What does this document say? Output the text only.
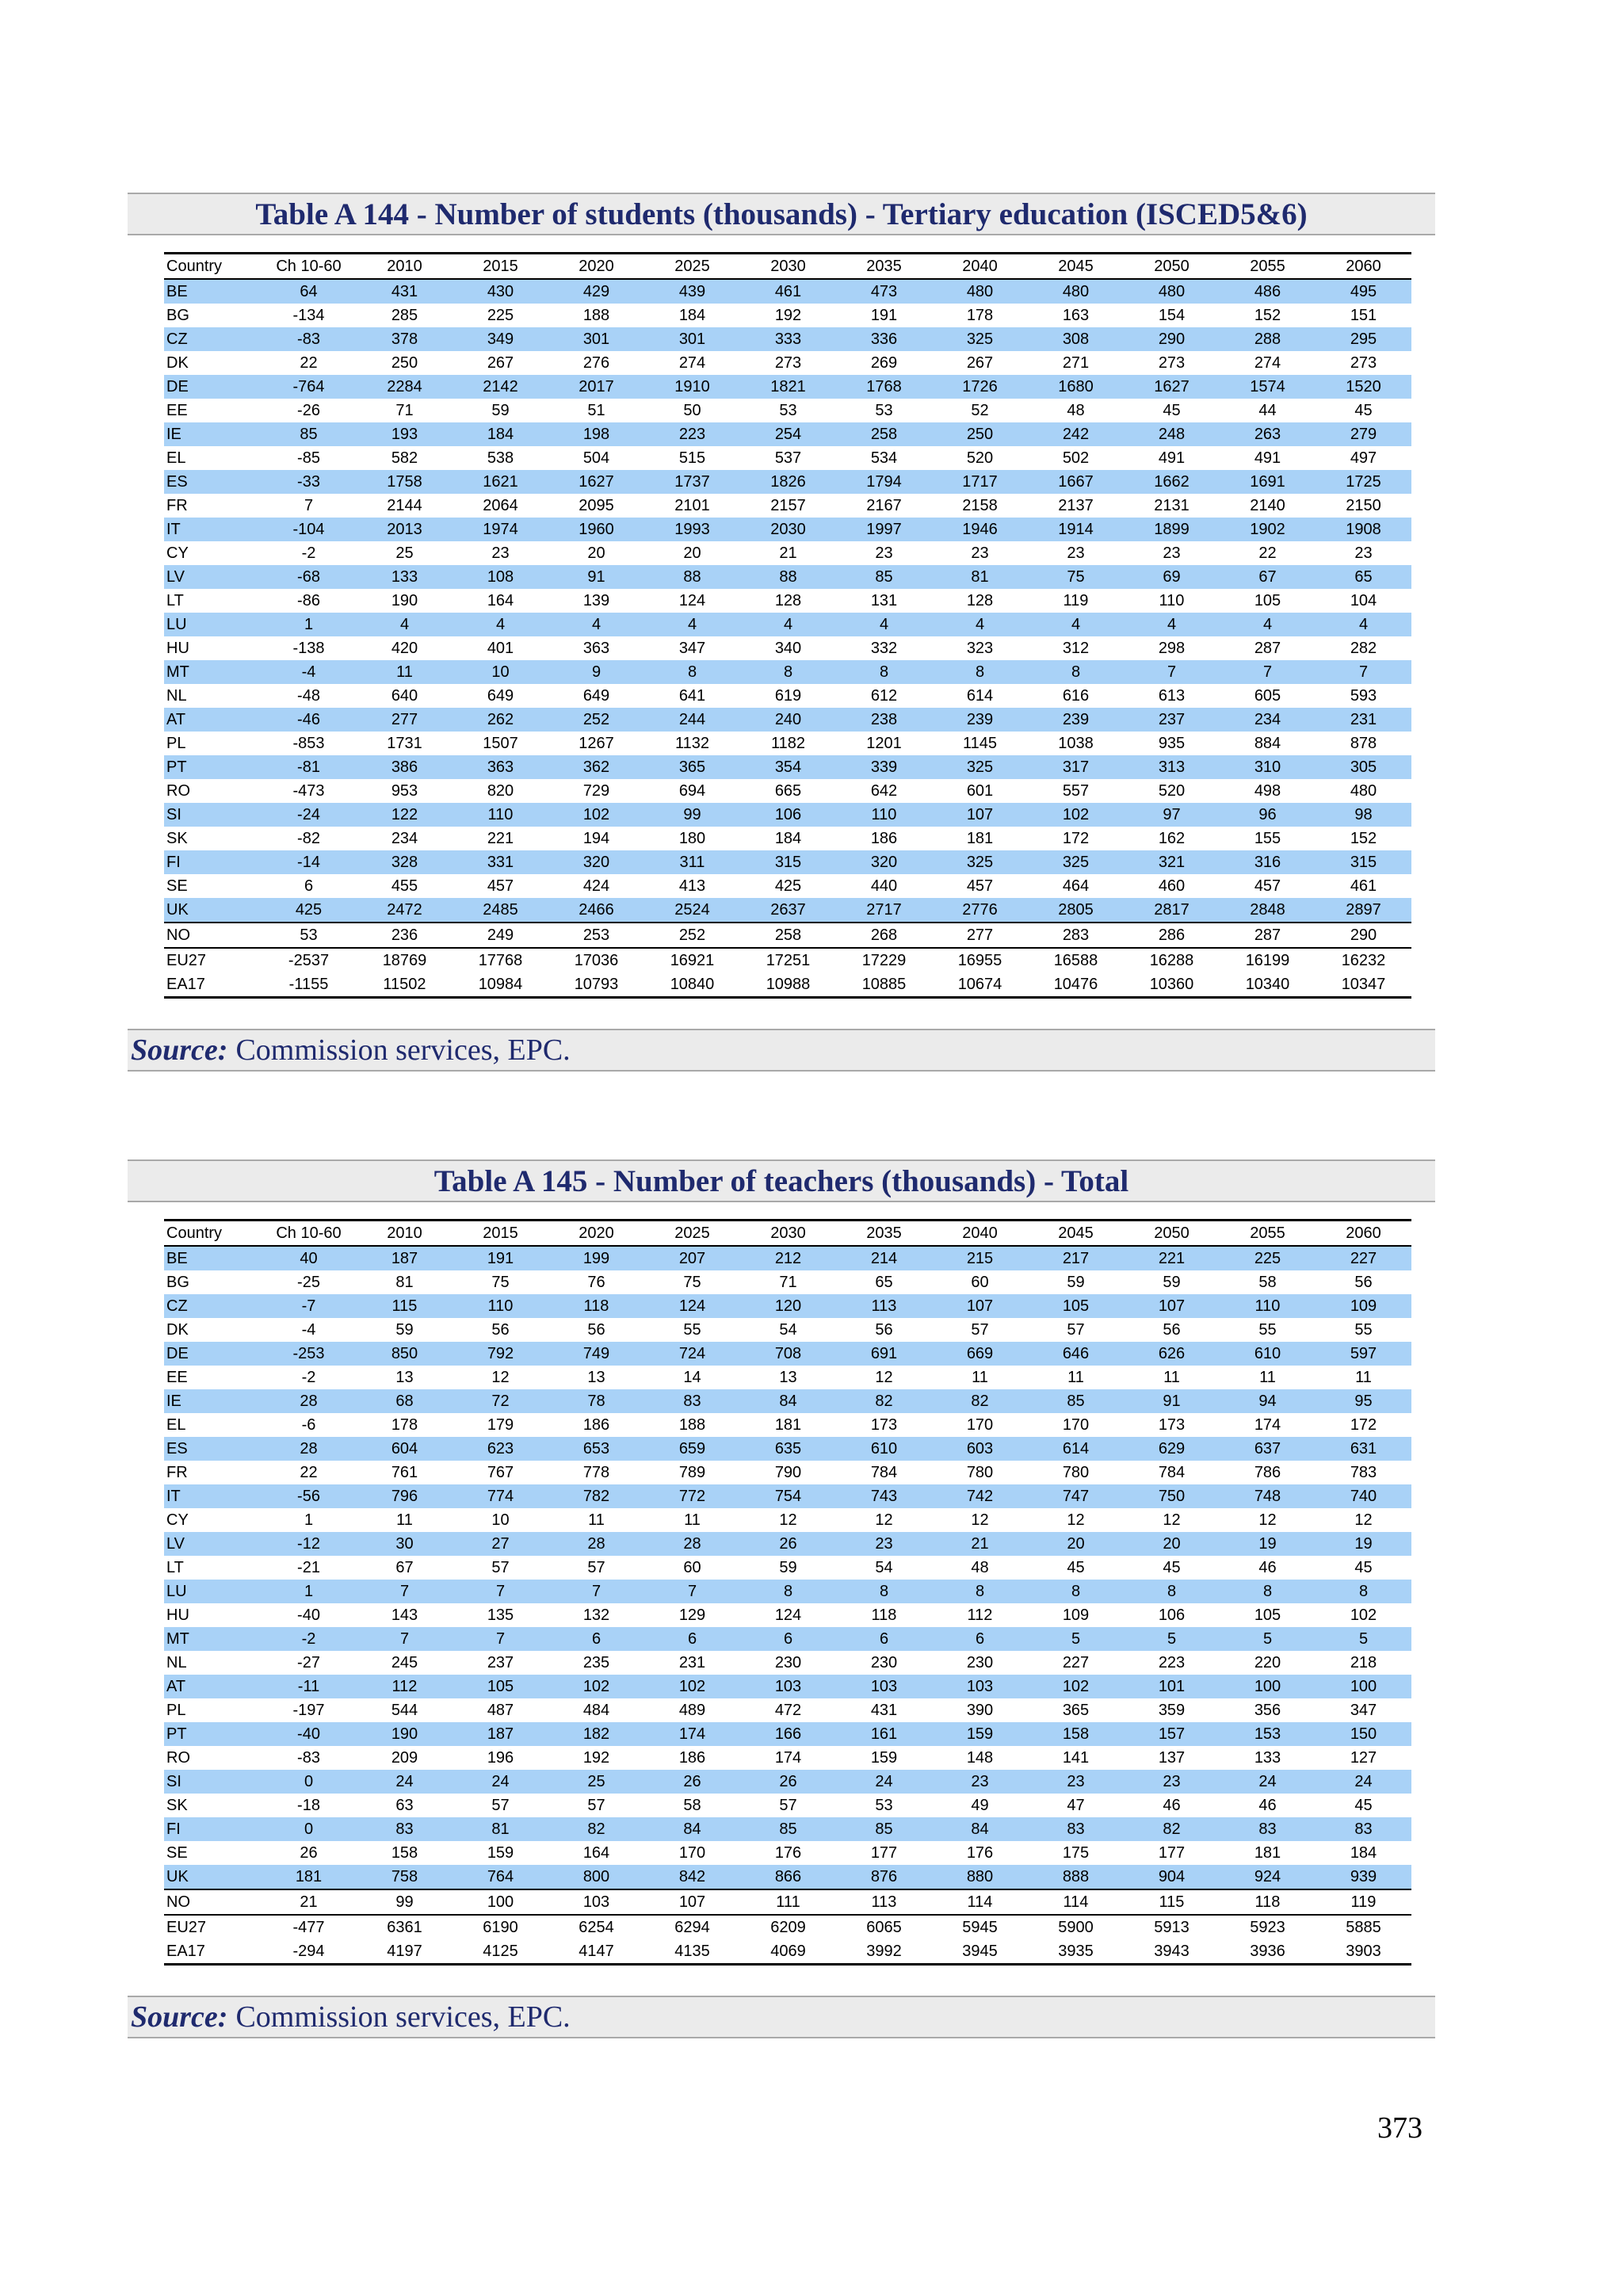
Table A 144 - Number of students (thousands) - Tertiary education (ISCED5&6)
Country	Ch 10-60	2010	2015	2020	2025	2030	2035	2040	2045	2050	2055	2060
BE	64	431	430	429	439	461	473	480	480	480	486	495
BG	-134	285	225	188	184	192	191	178	163	154	152	151
CZ	-83	378	349	301	301	333	336	325	308	290	288	295
DK	22	250	267	276	274	273	269	267	271	273	274	273
DE	-764	2284	2142	2017	1910	1821	1768	1726	1680	1627	1574	1520
EE	-26	71	59	51	50	53	53	52	48	45	44	45
IE	85	193	184	198	223	254	258	250	242	248	263	279
EL	-85	582	538	504	515	537	534	520	502	491	491	497
ES	-33	1758	1621	1627	1737	1826	1794	1717	1667	1662	1691	1725
FR	7	2144	2064	2095	2101	2157	2167	2158	2137	2131	2140	2150
IT	-104	2013	1974	1960	1993	2030	1997	1946	1914	1899	1902	1908
CY	-2	25	23	20	20	21	23	23	23	23	22	23
LV	-68	133	108	91	88	88	85	81	75	69	67	65
LT	-86	190	164	139	124	128	131	128	119	110	105	104
LU	1	4	4	4	4	4	4	4	4	4	4	4
HU	-138	420	401	363	347	340	332	323	312	298	287	282
MT	-4	11	10	9	8	8	8	8	8	7	7	7
NL	-48	640	649	649	641	619	612	614	616	613	605	593
AT	-46	277	262	252	244	240	238	239	239	237	234	231
PL	-853	1731	1507	1267	1132	1182	1201	1145	1038	935	884	878
PT	-81	386	363	362	365	354	339	325	317	313	310	305
RO	-473	953	820	729	694	665	642	601	557	520	498	480
SI	-24	122	110	102	99	106	110	107	102	97	96	98
SK	-82	234	221	194	180	184	186	181	172	162	155	152
FI	-14	328	331	320	311	315	320	325	325	321	316	315
SE	6	455	457	424	413	425	440	457	464	460	457	461
UK	425	2472	2485	2466	2524	2637	2717	2776	2805	2817	2848	2897
NO	53	236	249	253	252	258	268	277	283	286	287	290
EU27	-2537	18769	17768	17036	16921	17251	17229	16955	16588	16288	16199	16232
EA17	-1155	11502	10984	10793	10840	10988	10885	10674	10476	10360	10340	10347
Source: Commission services, EPC.
Table A 145 - Number of teachers (thousands) - Total
Country	Ch 10-60	2010	2015	2020	2025	2030	2035	2040	2045	2050	2055	2060
BE	40	187	191	199	207	212	214	215	217	221	225	227
BG	-25	81	75	76	75	71	65	60	59	59	58	56
CZ	-7	115	110	118	124	120	113	107	105	107	110	109
DK	-4	59	56	56	55	54	56	57	57	56	55	55
DE	-253	850	792	749	724	708	691	669	646	626	610	597
EE	-2	13	12	13	14	13	12	11	11	11	11	11
IE	28	68	72	78	83	84	82	82	85	91	94	95
EL	-6	178	179	186	188	181	173	170	170	173	174	172
ES	28	604	623	653	659	635	610	603	614	629	637	631
FR	22	761	767	778	789	790	784	780	780	784	786	783
IT	-56	796	774	782	772	754	743	742	747	750	748	740
CY	1	11	10	11	11	12	12	12	12	12	12	12
LV	-12	30	27	28	28	26	23	21	20	20	19	19
LT	-21	67	57	57	60	59	54	48	45	45	46	45
LU	1	7	7	7	7	8	8	8	8	8	8	8
HU	-40	143	135	132	129	124	118	112	109	106	105	102
MT	-2	7	7	6	6	6	6	6	5	5	5	5
NL	-27	245	237	235	231	230	230	230	227	223	220	218
AT	-11	112	105	102	102	103	103	103	102	101	100	100
PL	-197	544	487	484	489	472	431	390	365	359	356	347
PT	-40	190	187	182	174	166	161	159	158	157	153	150
RO	-83	209	196	192	186	174	159	148	141	137	133	127
SI	0	24	24	25	26	26	24	23	23	23	24	24
SK	-18	63	57	57	58	57	53	49	47	46	46	45
FI	0	83	81	82	84	85	85	84	83	82	83	83
SE	26	158	159	164	170	176	177	176	175	177	181	184
UK	181	758	764	800	842	866	876	880	888	904	924	939
NO	21	99	100	103	107	111	113	114	114	115	118	119
EU27	-477	6361	6190	6254	6294	6209	6065	5945	5900	5913	5923	5885
EA17	-294	4197	4125	4147	4135	4069	3992	3945	3935	3943	3936	3903
Source: Commission services, EPC.
373
